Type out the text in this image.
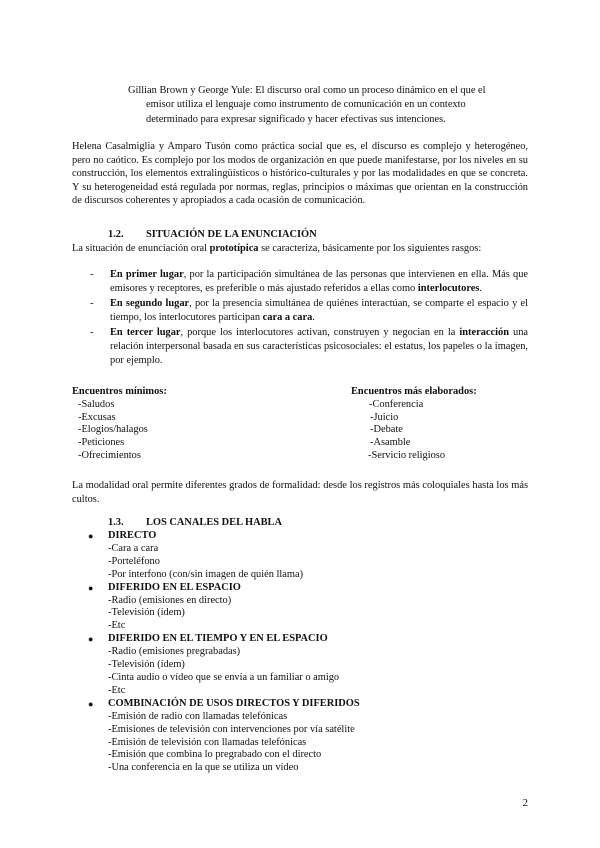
Gillian Brown y George Yule: El discurso oral como un proceso dinámico en el que el
emisor utiliza el lenguaje como instrumento de comunicación en un contexto
determinado para expresar significado y hacer efectivas sus intenciones.
Helena Casalmiglia y Amparo Tusón como práctica social que es, el discurso es complejo y heterogéneo, pero no caótico. Es complejo por los modos de organización en que puede manifestarse, por los niveles en su construcción, los elementos extralingüísticos o histórico-culturales y por las modalidades en que se concreta. Y su heterogeneidad está regulada por normas, reglas, principios o máximas que orientan en la construcción de discursos coherentes y apropiados a cada ocasión de comunicación.
1.2. SITUACIÓN DE LA ENUNCIACIÓN
La situación de enunciación oral prototípica se caracteriza, básicamente por los siguientes rasgos:
- En primer lugar, por la participación simultánea de las personas que intervienen en ella. Más que emisores y receptores, es preferible o más ajustado referidos a ellas como interlocutores.
- En segundo lugar, por la presencia simultánea de quiénes interactúan, se comparte el espacio y el tiempo, los interlocutores participan cara a cara.
- En tercer lugar, porque los interlocutores activan, construyen y negocian en la interacción una relación interpersonal basada en sus características psicosociales: el estatus, los papeles o la imagen, por ejemplo.
Encuentros mínimos:
-Saludos
-Excusas
-Elogios/halagos
-Peticiones
-Ofrecimientos
Encuentros más elaborados:
-Conferencia
-Juicio
-Debate
-Asamble
-Servicio religioso
La modalidad oral permite diferentes grados de formalidad: desde los registros más coloquiales hasta los más cultos.
1.3. LOS CANALES DEL HABLA
● DIRECTO
-Cara a cara
-Porteléfono
-Por interfono (con/sin imagen de quién llama)
● DIFERIDO EN EL ESPACIO
-Radio (emisiones en directo)
-Televisión (ídem)
-Etc
● DIFERIDO EN EL TIEMPO Y EN EL ESPACIO
-Radio (emisiones pregrabadas)
-Televisión (ídem)
-Cinta audio o vídeo que se envía a un familiar o amigo
-Etc
● COMBINACIÓN DE USOS DIRECTOS Y DIFERIDOS
-Emisión de radio con llamadas telefónicas
-Emisiones de televisión con intervenciones por vía satélite
-Emisión de televisión con llamadas telefónicas
-Emisión que combina lo pregrabado con el directo
-Una conferencia en la que se utiliza un vídeo
2
